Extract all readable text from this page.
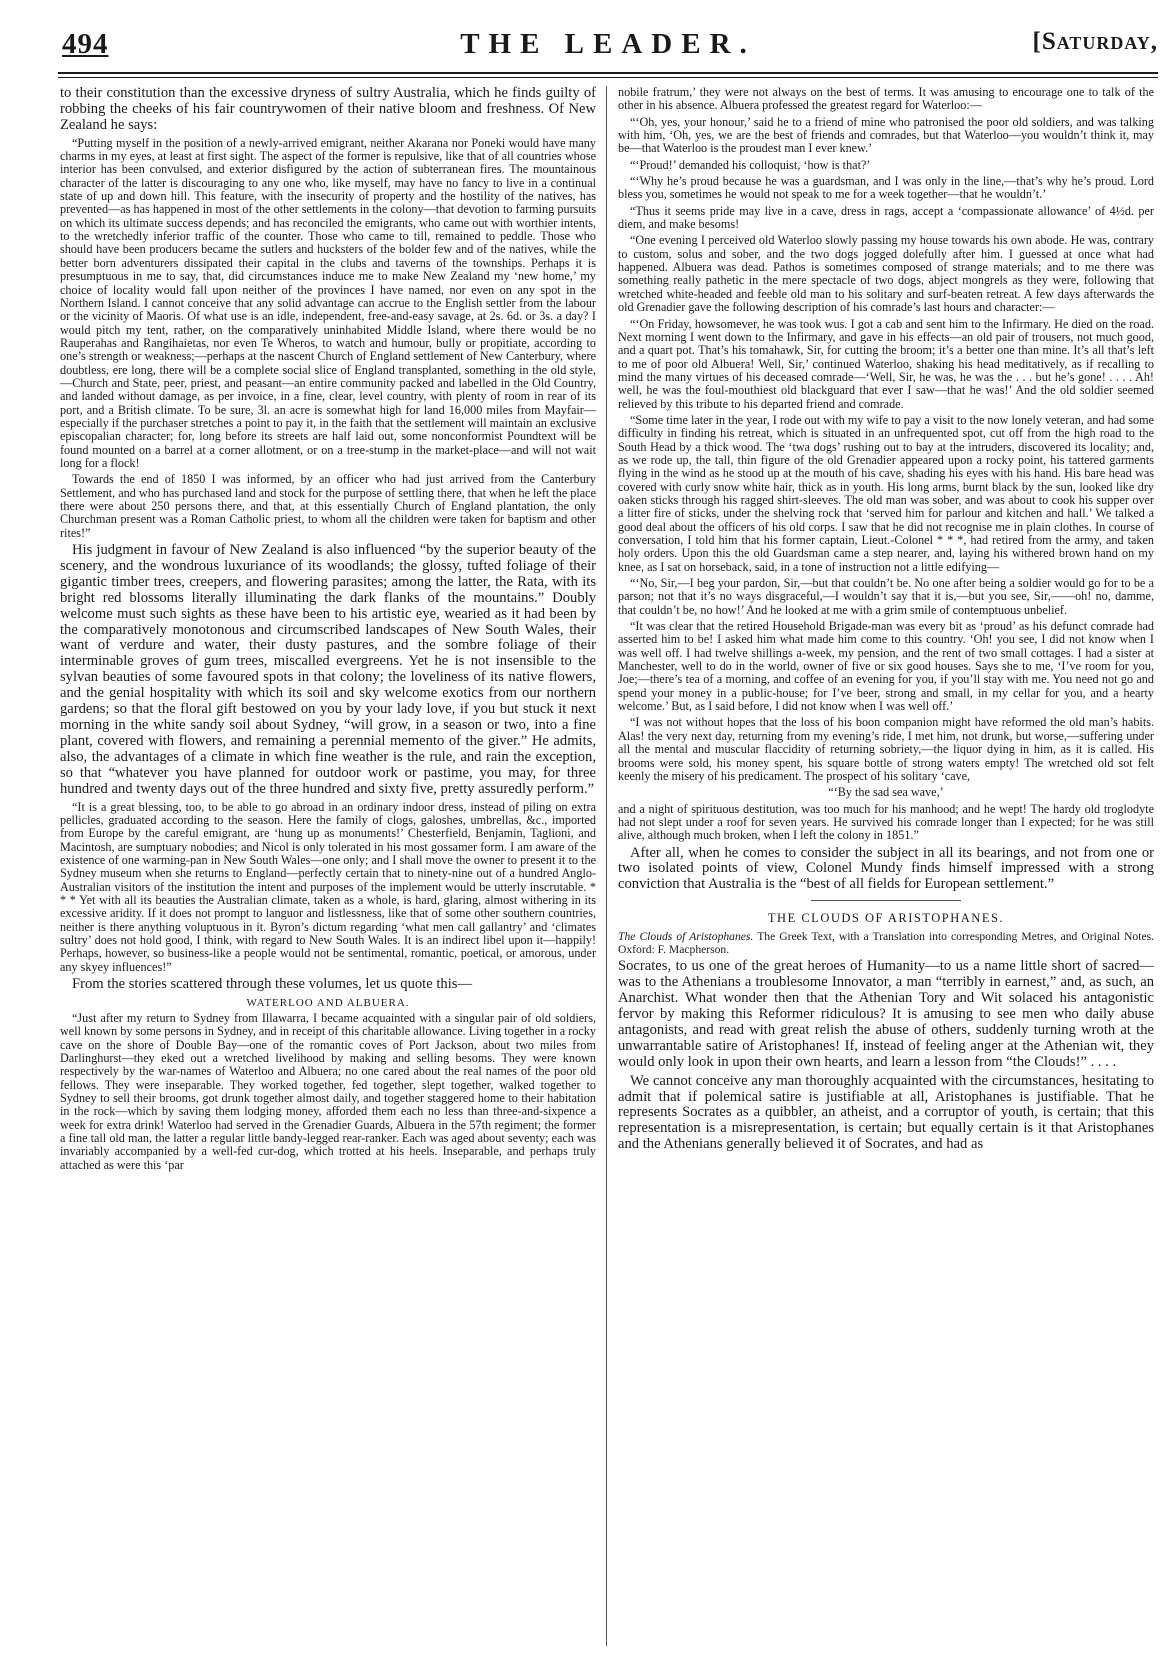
494	THE LEADER.	[Saturday,

to their constitution than the excessive dryness of sultry Australia, which he finds guilty of robbing the cheeks of his fair countrywomen of their native bloom and freshness. Of New Zealand he says:

“Putting myself in the position of a newly-arrived emigrant, neither Akarana nor Poneki would have many charms in my eyes, at least at first sight. The aspect of the former is repulsive, like that of all countries whose interior has been convulsed, and exterior disfigured by the action of subterranean fires. The mountainous character of the latter is discouraging to any one who, like myself, may have no fancy to live in a continual state of up and down hill. This feature, with the insecurity of property and the hostility of the natives, has prevented—as has happened in most of the other settlements in the colony—that devotion to farming pursuits on which its ultimate success depends; and has reconciled the emigrants, who came out with worthier intents, to the wretchedly inferior traffic of the counter. Those who came to till, remained to peddle. Those who should have been producers became the sutlers and hucksters of the bolder few and of the natives, while the better born adventurers dissipated their capital in the clubs and taverns of the townships. Perhaps it is presumptuous in me to say, that, did circumstances induce me to make New Zealand my ‘new home,’ my choice of locality would fall upon neither of the provinces I have named, nor even on any spot in the Northern Island. I cannot conceive that any solid advantage can accrue to the English settler from the labour or the vicinity of Maoris. Of what use is an idle, independent, free-and-easy savage, at 2s. 6d. or 3s. a day? I would pitch my tent, rather, on the comparatively uninhabited Middle Island, where there would be no Rauperahas and Rangihaietas, nor even Te Wheros, to watch and humour, bully or propitiate, according to one’s strength or weakness;—perhaps at the nascent Church of England settlement of New Canterbury, where doubtless, ere long, there will be a complete social slice of England transplanted, something in the old style,—Church and State, peer, priest, and peasant—an entire community packed and labelled in the Old Country, and landed without damage, as per invoice, in a fine, clear, level country, with plenty of room in rear of its port, and a British climate. To be sure, 3l. an acre is somewhat high for land 16,000 miles from Mayfair—especially if the purchaser stretches a point to pay it, in the faith that the settlement will maintain an exclusive episcopalian character; for, long before its streets are half laid out, some nonconformist Poundtext will be found mounted on a barrel at a corner allotment, or on a tree-stump in the market-place—and will not wait long for a flock!

Towards the end of 1850 I was informed, by an officer who had just arrived from the Canterbury Settlement, and who has purchased land and stock for the purpose of settling there, that when he left the place there were about 250 persons there, and that, at this essentially Church of England plantation, the only Churchman present was a Roman Catholic priest, to whom all the children were taken for baptism and other rites!”

His judgment in favour of New Zealand is also influenced “by the superior beauty of the scenery, and the wondrous luxuriance of its woodlands; the glossy, tufted foliage of their gigantic timber trees, creepers, and flowering parasites; among the latter, the Rata, with its bright red blossoms literally illuminating the dark flanks of the mountains.” Doubly welcome must such sights as these have been to his artistic eye, wearied as it had been by the comparatively monotonous and circumscribed landscapes of New South Wales, their want of verdure and water, their dusty pastures, and the sombre foliage of their interminable groves of gum trees, miscalled evergreens. Yet he is not insensible to the sylvan beauties of some favoured spots in that colony; the loveliness of its native flowers, and the genial hospitality with which its soil and sky welcome exotics from our northern gardens; so that the floral gift bestowed on you by your lady love, if you but stuck it next morning in the white sandy soil about Sydney, “will grow, in a season or two, into a fine plant, covered with flowers, and remaining a perennial memento of the giver.” He admits, also, the advantages of a climate in which fine weather is the rule, and rain the exception, so that “whatever you have planned for outdoor work or pastime, you may, for three hundred and twenty days out of the three hundred and sixty five, pretty assuredly perform.”

“It is a great blessing, too, to be able to go abroad in an ordinary indoor dress, instead of piling on extra pellicles, graduated according to the season. Here the family of clogs, galoshes, umbrellas, &c., imported from Europe by the careful emigrant, are ‘hung up as monuments!’ Chesterfield, Benjamin, Taglioni, and Macintosh, are sumptuary nobodies; and Nicol is only tolerated in his most gossamer form. I am aware of the existence of one warming-pan in New South Wales—one only; and I shall move the owner to present it to the Sydney museum when she returns to England—perfectly certain that to ninety-nine out of a hundred Anglo-Australian visitors of the institution the intent and purposes of the implement would be utterly inscrutable. * * * Yet with all its beauties the Australian climate, taken as a whole, is hard, glaring, almost withering in its excessive aridity. If it does not prompt to languor and listlessness, like that of some other southern countries, neither is there anything voluptuous in it. Byron’s dictum regarding ‘what men call gallantry’ and ‘climates sultry’ does not hold good, I think, with regard to New South Wales. It is an indirect libel upon it—happily! Perhaps, however, so business-like a people would not be sentimental, romantic, poetical, or amorous, under any skyey influences!”

From the stories scattered through these volumes, let us quote this—

WATERLOO AND ALBUERA.

“Just after my return to Sydney from Illawarra, I became acquainted with a singular pair of old soldiers, well known by some persons in Sydney, and in receipt of this charitable allowance. Living together in a rocky cave on the shore of Double Bay—one of the romantic coves of Port Jackson, about two miles from Darlinghurst—they eked out a wretched livelihood by making and selling besoms. They were known respectively by the war-names of Waterloo and Albuera; no one cared about the real names of the poor old fellows. They were inseparable. They worked together, fed together, slept together, walked together to Sydney to sell their brooms, got drunk together almost daily, and together staggered home to their habitation in the rock—which by saving them lodging money, afforded them each no less than three-and-sixpence a week for extra drink! Waterloo had served in the Grenadier Guards, Albuera in the 57th regiment; the former a fine tall old man, the latter a regular little bandy-legged rear-ranker. Each was aged about seventy; each was invariably accompanied by a well-fed cur-dog, which trotted at his heels. Inseparable, and perhaps truly attached as were this ‘par

nobile fratrum,’ they were not always on the best of terms. It was amusing to encourage one to talk of the other in his absence. Albuera professed the greatest regard for Waterloo:—

“‘Oh, yes, your honour,’ said he to a friend of mine who patronised the poor old soldiers, and was talking with him, ‘Oh, yes, we are the best of friends and comrades, but that Waterloo—you wouldn’t think it, may be—that Waterloo is the proudest man I ever knew.’

“‘Proud!’ demanded his colloquist, ‘how is that?’

“‘Why he’s proud because he was a guardsman, and I was only in the line,—that’s why he’s proud. Lord bless you, sometimes he would not speak to me for a week together—that he wouldn’t.’

“Thus it seems pride may live in a cave, dress in rags, accept a ‘compassionate allowance’ of 4½d. per diem, and make besoms!

“One evening I perceived old Waterloo slowly passing my house towards his own abode. He was, contrary to custom, solus and sober, and the two dogs jogged dolefully after him. I guessed at once what had happened. Albuera was dead. Pathos is sometimes composed of strange materials; and to me there was something really pathetic in the mere spectacle of two dogs, abject mongrels as they were, following that wretched white-headed and feeble old man to his solitary and surf-beaten retreat. A few days afterwards the old Grenadier gave the following description of his comrade’s last hours and character:—

“‘On Friday, howsomever, he was took wus. I got a cab and sent him to the Infirmary. He died on the road. Next morning I went down to the Infirmary, and gave in his effects—an old pair of trousers, not much good, and a quart pot. That’s his tomahawk, Sir, for cutting the broom; it’s a better one than mine. It’s all that’s left to me of poor old Albuera! Well, Sir,’ continued Waterloo, shaking his head meditatively, as if recalling to mind the many virtues of his deceased comrade—‘Well, Sir, he was, he was the . . . but he’s gone! . . . . Ah! well, he was the foul-mouthiest old blackguard that ever I saw—that he was!’ And the old soldier seemed relieved by this tribute to his departed friend and comrade.

“Some time later in the year, I rode out with my wife to pay a visit to the now lonely veteran, and had some difficulty in finding his retreat, which is situated in an unfrequented spot, cut off from the high road to the South Head by a thick wood. The ‘twa dogs’ rushing out to bay at the intruders, discovered its locality; and, as we rode up, the tall, thin figure of the old Grenadier appeared upon a rocky point, his tattered garments flying in the wind as he stood up at the mouth of his cave, shading his eyes with his hand. His bare head was covered with curly snow white hair, thick as in youth. His long arms, burnt black by the sun, looked like dry oaken sticks through his ragged shirt-sleeves. The old man was sober, and was about to cook his supper over a litter fire of sticks, under the shelving rock that ‘served him for parlour and kitchen and hall.’ We talked a good deal about the officers of his old corps. I saw that he did not recognise me in plain clothes. In course of conversation, I told him that his former captain, Lieut.-Colonel * * *, had retired from the army, and taken holy orders. Upon this the old Guardsman came a step nearer, and, laying his withered brown hand on my knee, as I sat on horseback, said, in a tone of instruction not a little edifying—

“‘No, Sir,—I beg your pardon, Sir,—but that couldn’t be. No one after being a soldier would go for to be a parson; not that it’s no ways disgraceful,—I wouldn’t say that it is,—but you see, Sir,——oh! no, damme, that couldn’t be, no how!’ And he looked at me with a grim smile of contemptuous unbelief.

“It was clear that the retired Household Brigade-man was every bit as ‘proud’ as his defunct comrade had asserted him to be! I asked him what made him come to this country. ‘Oh! you see, I did not know when I was well off. I had twelve shillings a-week, my pension, and the rent of two small cottages. I had a sister at Manchester, well to do in the world, owner of five or six good houses. Says she to me, ‘I’ve room for you, Joe;—there’s tea of a morning, and coffee of an evening for you, if you’ll stay with me. You need not go and spend your money in a public-house; for I’ve beer, strong and small, in my cellar for you, and a hearty welcome.’ But, as I said before, I did not know when I was well off.’

“I was not without hopes that the loss of his boon companion might have reformed the old man’s habits. Alas! the very next day, returning from my evening’s ride, I met him, not drunk, but worse,—suffering under all the mental and muscular flaccidity of returning sobriety,—the liquor dying in him, as it is called. His brooms were sold, his money spent, his square bottle of strong waters empty! The wretched old sot felt keenly the misery of his predicament. The prospect of his solitary ‘cave,

“‘By the sad sea wave,’

and a night of spirituous destitution, was too much for his manhood; and he wept! The hardy old troglodyte had not slept under a roof for seven years. He survived his comrade longer than I expected; for he was still alive, although much broken, when I left the colony in 1851.”

After all, when he comes to consider the subject in all its bearings, and not from one or two isolated points of view, Colonel Mundy finds himself impressed with a strong conviction that Australia is the “best of all fields for European settlement.”

THE CLOUDS OF ARISTOPHANES.

The Clouds of Aristophanes. The Greek Text, with a Translation into corresponding Metres, and Original Notes. Oxford: F. Macpherson.

Socrates, to us one of the great heroes of Humanity—to us a name little short of sacred—was to the Athenians a troublesome Innovator, a man “terribly in earnest,” and, as such, an Anarchist. What wonder then that the Athenian Tory and Wit solaced his antagonistic fervor by making this Reformer ridiculous? It is amusing to see men who daily abuse antagonists, and read with great relish the abuse of others, suddenly turning wroth at the unwarrantable satire of Aristophanes! If, instead of feeling anger at the Athenian wit, they would only look in upon their own hearts, and learn a lesson from “the Clouds!” . . . .

We cannot conceive any man thoroughly acquainted with the circumstances, hesitating to admit that if polemical satire is justifiable at all, Aristophanes is justifiable. That he represents Socrates as a quibbler, an atheist, and a corruptor of youth, is certain; that this representation is a misrepresentation, is certain; but equally certain is it that Aristophanes and the Athenians generally believed it of Socrates, and had as
